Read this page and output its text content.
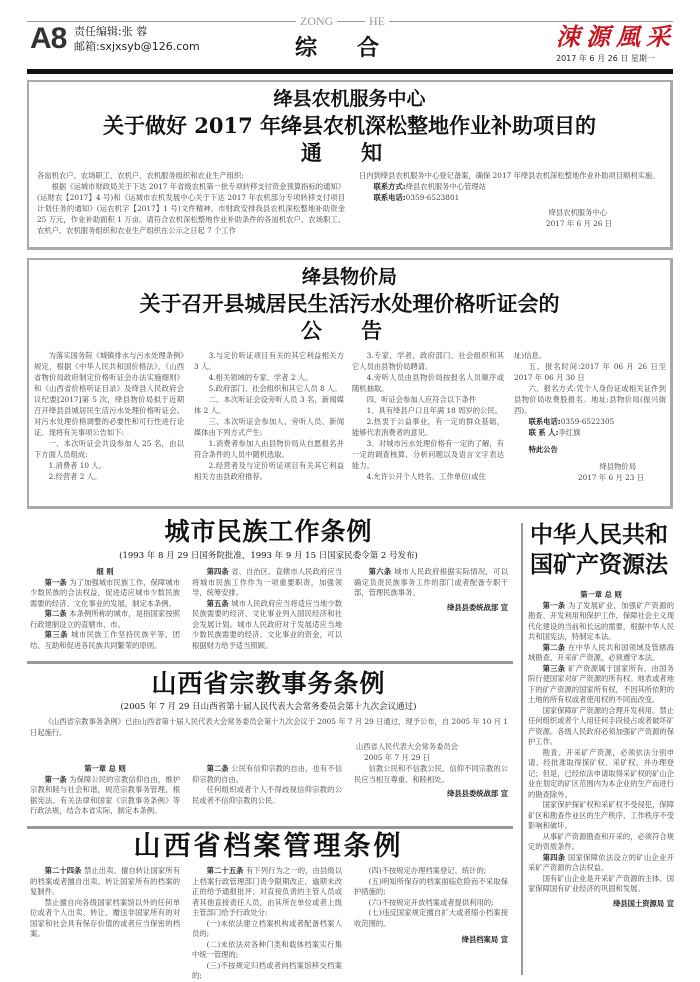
ZONG	HE
A8 责任编辑:张 蓉
邮箱:sxjxsyb@126.com	综合	涑源風采
2017 年 6 月 26 日 星期一
绛县农机服务中心
关于做好 2017 年绛县农机深松整地作业补助项目的
通 知

各耑机农户、农场职工、农机户、农机服务组织和农业生产组织:

根据《运城市财政局关于下达 2017 年省级农机第一批专项转移支付资金预算指标的通知》(运财农【2017】4 号)和《运城市农机发展中心关于下达 2017 年农机部分专项转移支付项目计划任务的通知》(运农机字【2017】1 号)文件精神，市财政安排我县农机深松整地补助资金 25 万元，作业补助面积 1 万亩。请符合农机深松整地作业补助条件的各耑机农户、农场职工、农机户、农机服务组织和农业生产组织在公示之日起 7 个工作

日内到绛县农机服务中心登记备案，确保 2017 年绛县农机深松整地作业补助项目顺利实施。

联系方式:绛县农机服务中心管理站

联系电话:0359-6523801

绛县农机服务中心

2017 年 6 月 26 日

绛县物价局
关于召开县城居民生活污水处理价格听证会的
公 告

为落实国务院《城镇排水与污水处理条例》规定，根据《中华人民共和国价格法》、《山西省物价局政府制定价格听证会办法实施细则》和《山西省价格听证目录》及绛县人民政府会议纪要[2017]第 5 次，绛县物价局拟于近期召开绛县县城居民生活污水处理价格听证会。对污水处理价格调整的必要性和可行性进行论证。现将有关事项公告如下:

一、本次听证会共设参加人 25 名，由以下方面人员组成:

1.消费者 10 人。

2.经营者 2 人。

3.与定价听证项目有关的其它利益相关方 3 人。

4.相关领域的专家、学者 2 人。

5.政府部门、社会组织和其它人员 8 人。

二、本次听证会设旁听人员 3 名，新闻媒体 2 人。

三、本次听证会参加人、旁听人员、新闻媒体由下列方式产生:

1.消费者参加人由县物价局从自愿报名并符合条件的人员中随机选取。

2.经营者及与定价听证项目有关其它利益相关方由县政府推荐。

3.专家、学者、政府部门、社会组织和其它人员由县物价局聘请。

4.旁听人员由县物价局按报名人员顺序或随机抽取。

四、听证会参加人应符合以下条件

1、具有绛县户口且年满 18 周岁的公民。

2.热衷于公益事业，有一定的群众基础，能够代表消费者的意见。

3、对城市污水处理价格有一定的了解，有一定的调查核算、分析问题以及语言文字表达能力。

4.允许公开个人姓名、工作单位(或住

址)信息。

五、报名时间:2017 年 06 月 26 日至 2017 年 06 月 30 日

六、报名方式:凭个人身份证或相关证件到县物价局收费股报名。地址:县物价局(振兴街西)。

联系电话:0359-6522305

联 系 人:李红旗

特此公告

绛县物价局

2017 年 6 月 23 日

城市民族工作条例
(1993 年 8 月 29 日国务院批准，1993 年 9 月 15 日国家民委令第 2 号发布)

细 则

第一条 为了加强城市民族工作，保障城市少数民族的合法权益，促进适应城市少数民族需要的经济、文化事业的发展，制定本条例。

第二条 本条例所称的城市，是指国家按照行政建制设立的直辖市、市。

第三条 城市民族工作坚持民族平等、团结、互助和促进各民族共同繁荣的原则。

第四条 省、自治区、直辖市人民政府应当将城市民族工作作为一项重要职责，加强领导，统筹安排。

第五条 城市人民政府应当将适应当地少数民族需要的经济、文化事业列入国民经济和社会发展计划。城市人民政府对于发展适应当地少数民族需要的经济、文化事业的资金，可以根据财力给予适当照顾。

第六条 城市人民政府根据实际情况，可以确定负责民族事务工作的部门或者配备专职干部，管理民族事务。

绛县县委统战部 宣

山西省宗教事务条例
(2005 年 7 月 29 日山西省第十届人民代表大会常务委员会第十九次会议通过)

《山西省宗教事务条例》已由山西省第十届人民代表大会常务委员会第十九次会议于 2005 年 7 月 29 日通过，现予公布，自 2005 年 10 月 1 日起施行。

山西省人民代表大会常务委员会

2005 年 7 月 29 日

第一章 总 则

第一条 为保障公民的宗教信仰自由，维护宗教和睦与社会和谐，规范宗教事务管理，根据宪法、有关法律和国家《宗教事务条例》等行政法规，结合本省实际，制定本条例。

第二条 公民有信仰宗教的自由，也有不信仰宗教的自由。

任何组织或者个人不得歧视信仰宗教的公民或者不信仰宗教的公民。

信教公民和不信教公民、信仰不同宗教的公民应当相互尊重、和睦相处。

绛县县委统战部 宣

山西省档案管理条例

第二十四条 禁止出卖、擅自转让国家所有的档案或者擅自出卖、转让国家所有的档案的复制件。

禁止擅自向各级国家档案馆以外的任何单位或者个人出卖、转让、赠送非国家所有的对国家和社会具有保存价值的或者应当保密的档案。

第二十五条 有下列行为之一的，由县级以上档案行政管理部门责令限期改正，逾期未改正的给予通报批评；对直接负责的主管人员或者其他直接责任人员，由其所在单位或者上级主管部门给予行政处分:

(一)未依法建立档案机构或者配备档案人员的;

(二)未依法对各种门类和载体档案实行集中统一管理的;

(三)不按规定归档或者向档案馆移交档案的;

(四)不按规定办理档案登记、统计的;

(五)明知所保存的档案面临危险而不采取保护措施的;

(六)不按规定开放档案或者提供利用的;

(七)违反国家规定擅自扩大或者缩小档案接收范围的。

绛县档案局 宣

中华人民共和国矿产资源法

第一章 总 则

第一条 为了发展矿业，加强矿产资源的勘查、开发利用和保护工作，保障社会主义现代化建设的当前和长远的需要，根据中华人民共和国宪法，特制定本法。

第二条 在中华人民共和国领域及管辖海域勘查、开采矿产资源，必须遵守本法。

第三条 矿产资源属于国家所有，由国务院行使国家对矿产资源的所有权。地表或者地下的矿产资源的国家所有权，不因其所依附的土地的所有权或者使用权的不同而改变。

国家保障矿产资源的合理开发利用。禁止任何组织或者个人用任何手段侵占或者破坏矿产资源。各级人民政府必须加强矿产资源的保护工作。

勘查、开采矿产资源，必须依法分别申请、经批准取得探矿权、采矿权，并办理登记；但是，已经依法申请取得采矿权的矿山企业在划定的矿区范围内为本企业的生产而进行的勘查除外。

国家保护探矿权和采矿权不受侵犯，保障矿区和勘查作业区的生产秩序、工作秩序不受影响和破坏。

从事矿产资源勘查和开采的，必须符合规定的资质条件。

第四条 国家保障依法设立的矿山企业开采矿产资源的合法权益。

国有矿山企业是开采矿产资源的主体。国家保障国有矿业经济的巩固和发展。

绛县国土资源局 宣
